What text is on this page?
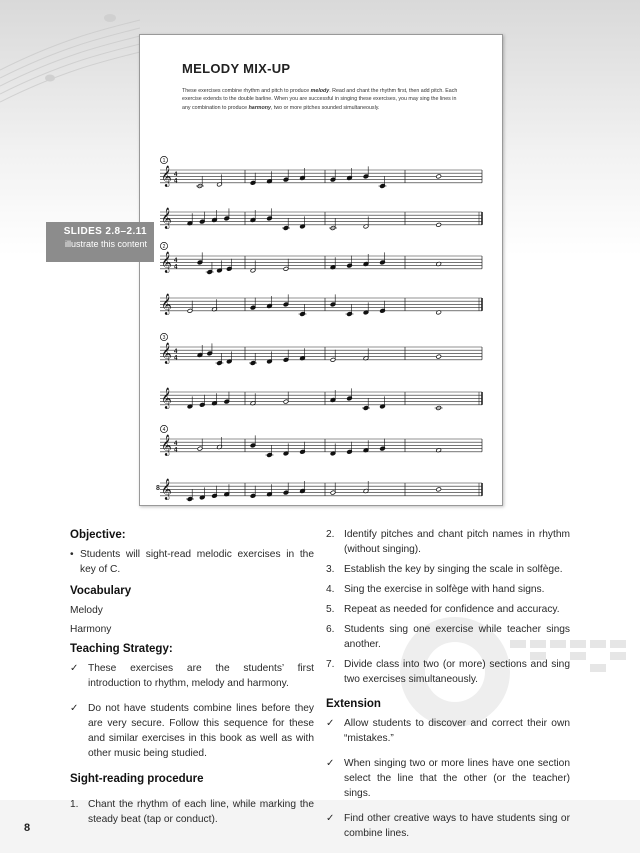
MELODY MIX-UP
These exercises combine rhythm and pitch to produce melody. Read and chant the rhythm first, then add pitch. Each exercise extends to the double barline. When you are successful in singing these exercises, you may sing the lines in any combination to produce harmony, two or more pitches sounded simultaneously.
𝄞 4
4
1
𝄞
𝄞 4
4
2
𝄞
𝄞 4
4
3
𝄞
𝄞 4
4
4
𝄞
8
SLIDES 2.8–2.11
illustrate this content
Objective:
• Students will sight-read melodic exercises in the key of C.
Vocabulary

Melody

Harmony

Teaching Strategy:
✓ These exercises are the students’ first introduction to rhythm, melody and harmony.
✓ Do not have students combine lines before they are very secure. Follow this sequence for these and similar exercises in this book as well as with other music being studied.
Sight-reading procedure
1. Chant the rhythm of each line, while marking the steady beat (tap or conduct).
2. Identify pitches and chant pitch names in rhythm (without singing).
3. Establish the key by singing the scale in solfège.
4. Sing the exercise in solfège with hand signs.
5. Repeat as needed for confidence and accuracy.
6. Students sing one exercise while teacher sings another.
7. Divide class into two (or more) sections and sing two exercises simultaneously.
Extension
✓ Allow students to discover and correct their own “mistakes.”
✓ When singing two or more lines have one section select the line that the other (or the teacher) sings.
✓ Find other creative ways to have students sing or combine lines.
8
